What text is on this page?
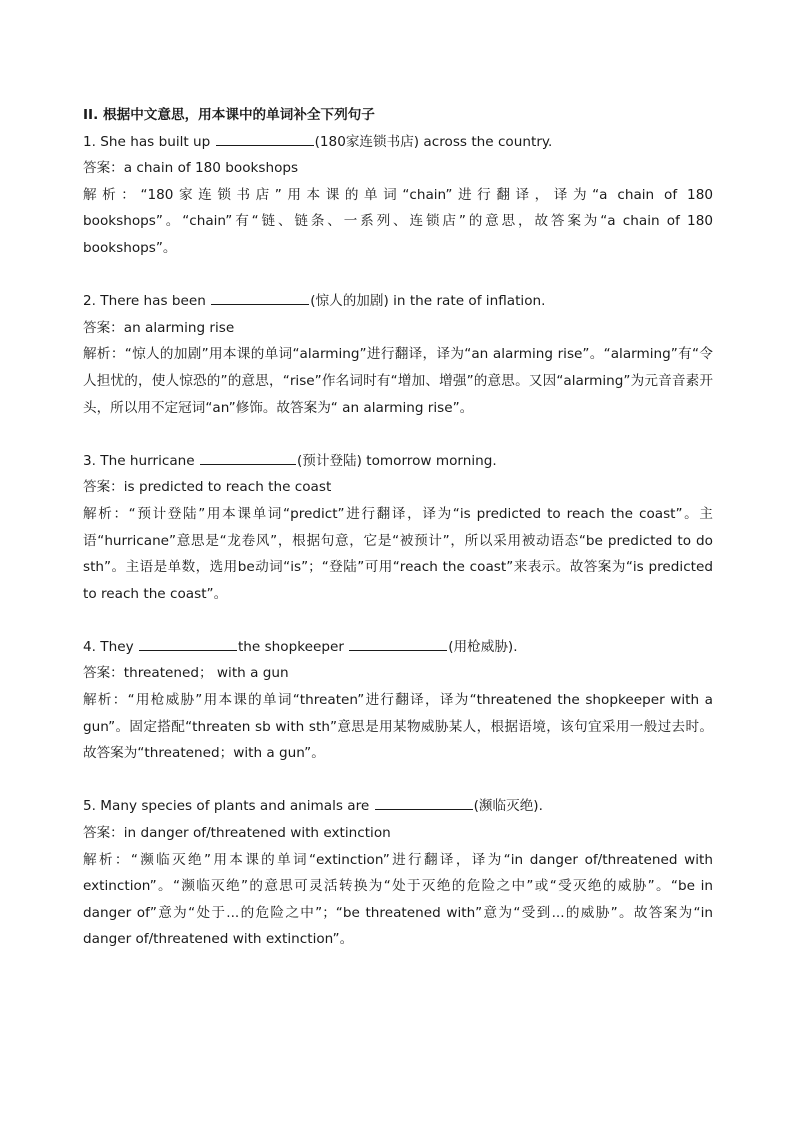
II. 根据中文意思，用本课中的单词补全下列句子
1. She has built up	(180家连锁书店) across the country.
答案：a chain of 180 bookshops
解析：“180家连锁书店”用本课的单词“chain”进行翻译，译为“a chain of 180 bookshops”。“chain”有“链、链条、一系列、连锁店”的意思，故答案为“a chain of 180 bookshops”。
2. There has been	(惊人的加剧) in the rate of inflation.
答案：an alarming rise
解析：“惊人的加剧”用本课的单词“alarming”进行翻译，译为“an alarming rise”。“alarming”有“令人担忧的，使人惊恐的”的意思，“rise”作名词时有“增加、增强”的意思。又因“alarming”为元音音素开头，所以用不定冠词“an”修饰。故答案为“ an alarming rise”。
3. The hurricane	(预计登陆) tomorrow morning.
答案：is predicted to reach the coast
解析：“预计登陆”用本课单词“predict”进行翻译，译为“is predicted to reach the coast”。主语“hurricane”意思是“龙卷风”，根据句意，它是“被预计”，所以采用被动语态“be predicted to do sth”。主语是单数，选用be动词“is”；“登陆”可用“reach the coast”来表示。故答案为“is predicted to reach the coast”。
4. They	the shopkeeper	(用枪威胁).
答案：threatened； with a gun
解析：“用枪威胁”用本课的单词“threaten”进行翻译，译为“threatened the shopkeeper with a gun”。固定搭配“threaten sb with sth”意思是用某物威胁某人，根据语境，该句宜采用一般过去时。故答案为“threatened；with a gun”。
5. Many species of plants and animals are	(濒临灭绝).
答案：in danger of/threatened with extinction
解析：“濒临灭绝”用本课的单词“extinction”进行翻译，译为“in danger of/threatened with extinction”。“濒临灭绝”的意思可灵活转换为“处于灭绝的危险之中”或“受灭绝的威胁”。“be in danger of”意为“处于...的危险之中”；“be threatened with”意为“受到...的威胁”。故答案为“in danger of/threatened with extinction”。
